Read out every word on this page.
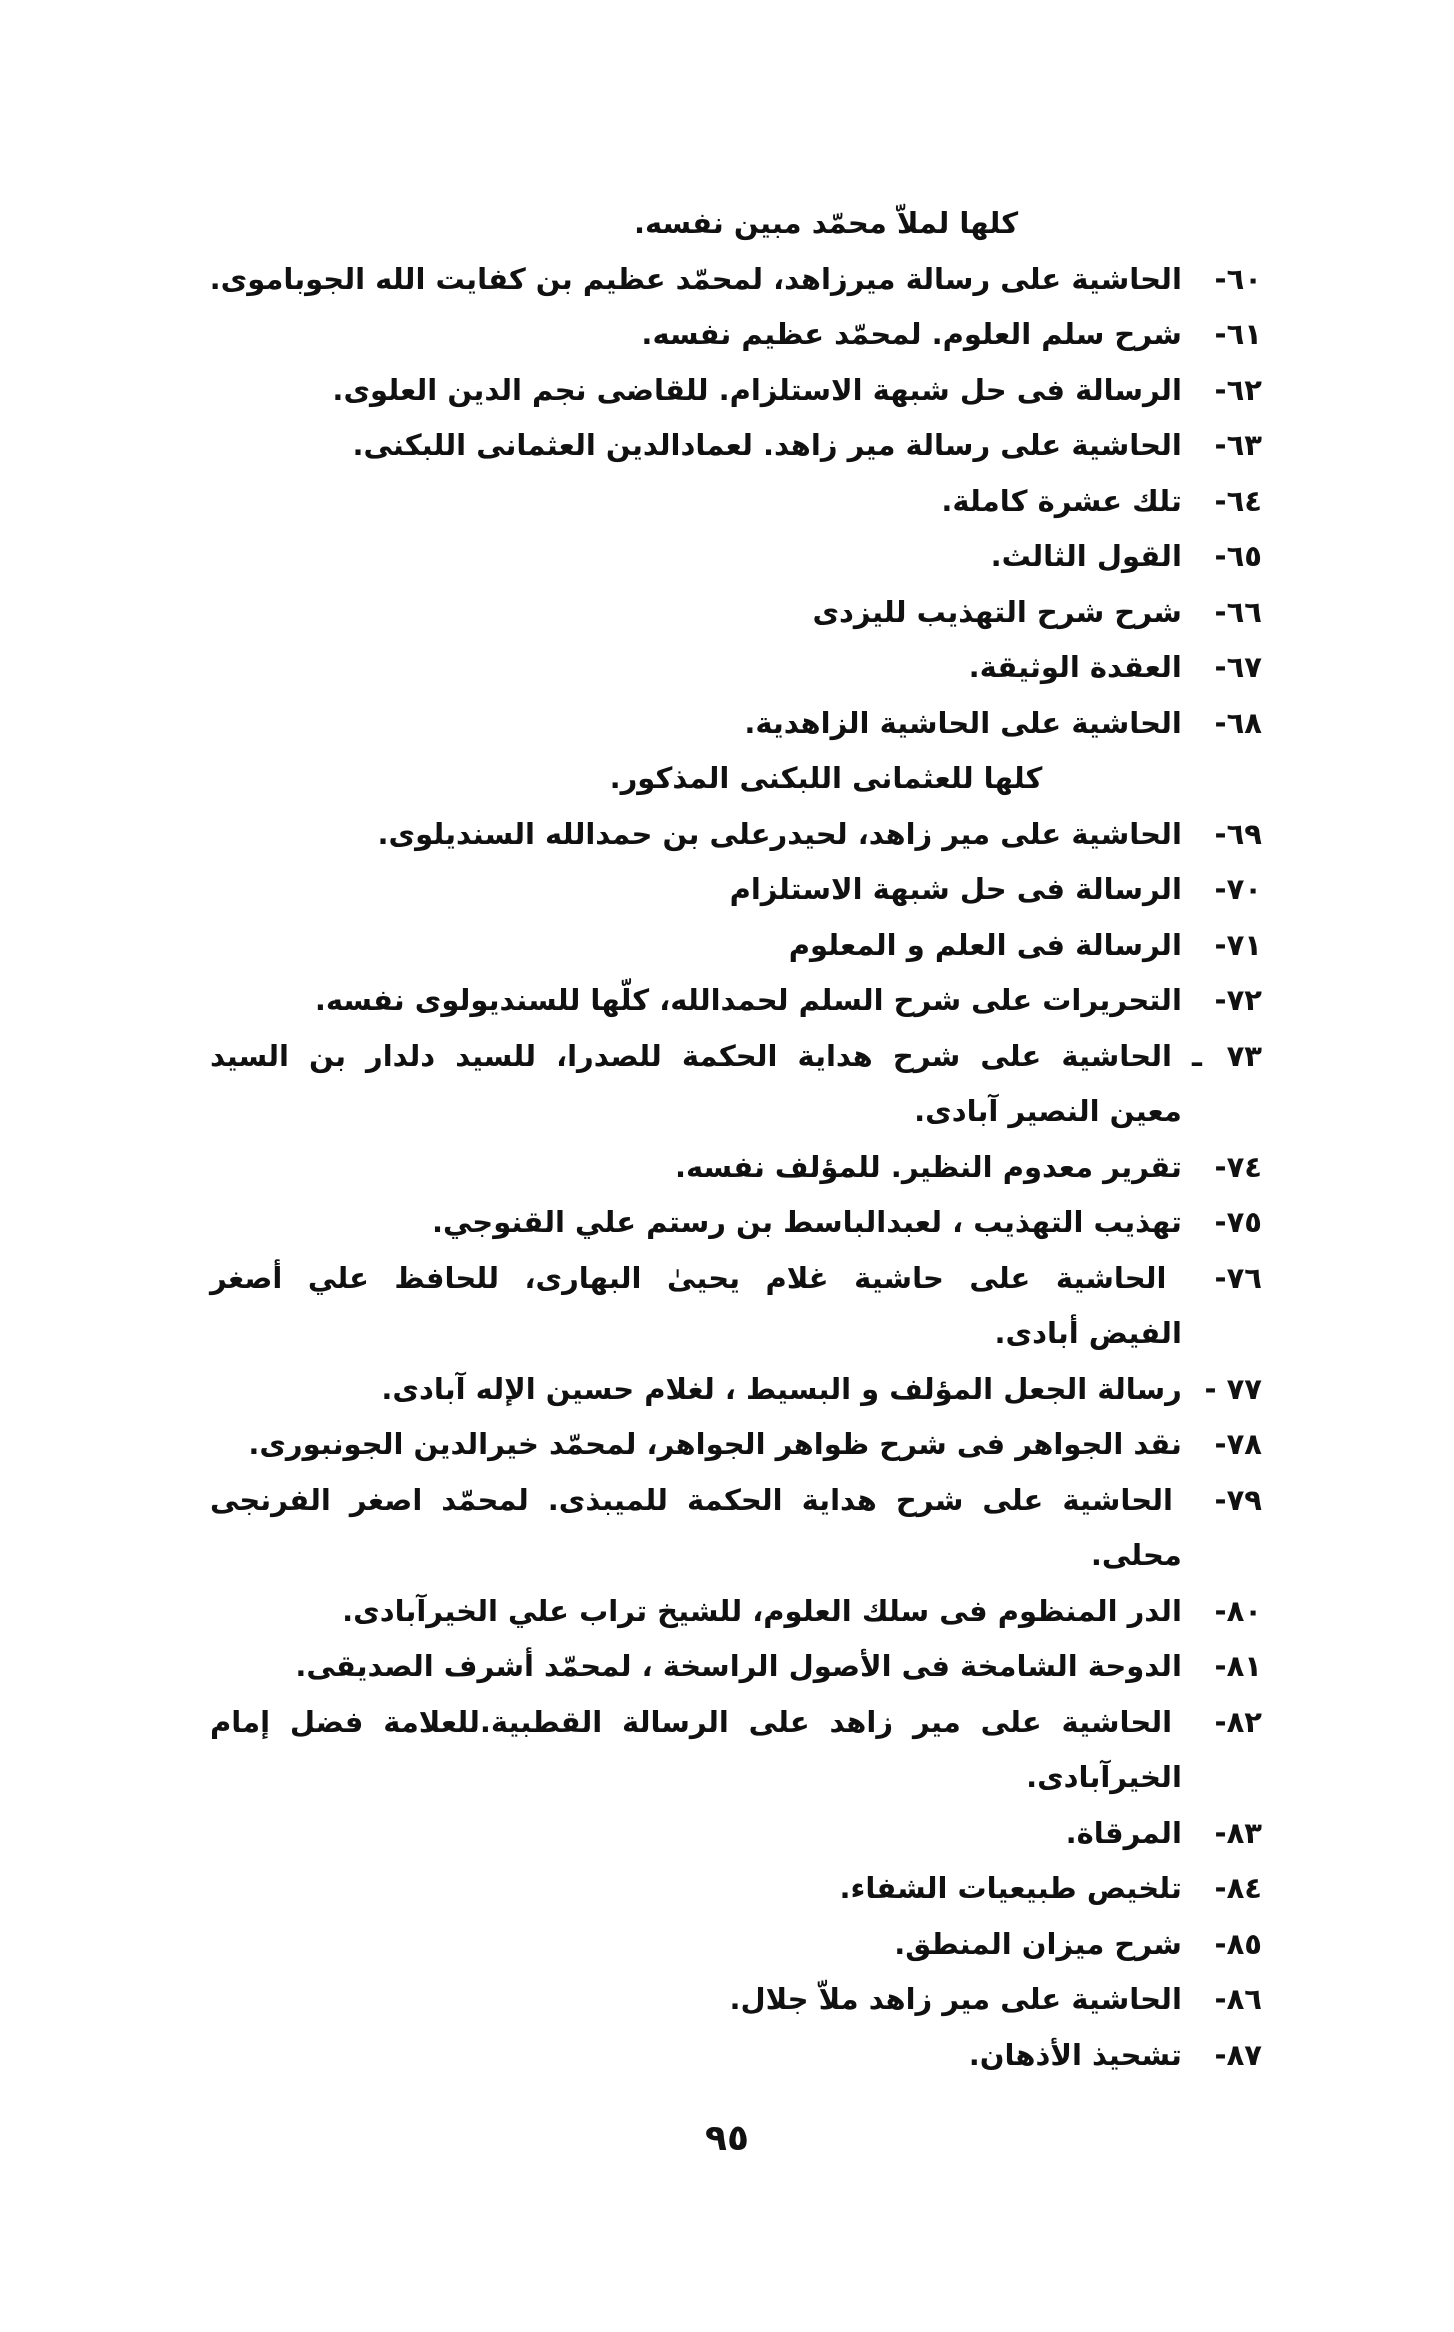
كلها لملاّ محمّد مبين نفسه.
٦٠- الحاشية على رسالة ميرزاهد، لمحمّد عظيم بن كفايت الله الجوباموى.
٦١- شرح سلم العلوم. لمحمّد عظيم نفسه.
٦٢- الرسالة فى حل شبهة الاستلزام. للقاضى نجم الدين العلوى.
٦٣- الحاشية على رسالة مير زاهد. لعمادالدين العثمانى اللبكنى.
٦٤- تلك عشرة كاملة.
٦٥- القول الثالث.
٦٦- شرح شرح التهذيب لليزدى
٦٧- العقدة الوثيقة.
٦٨- الحاشية على الحاشية الزاهدية.
كلها للعثمانى اللبكنى المذكور.
٦٩- الحاشية على مير زاهد، لحيدرعلى بن حمدالله السنديلوى.
٧٠- الرسالة فى حل شبهة الاستلزام
٧١- الرسالة فى العلم و المعلوم
٧٢- التحريرات على شرح السلم لحمدالله، كلّها للسنديولوى نفسه.
٧٣ ـ الحاشية على شرح هداية الحكمة للصدرا، للسيد دلدار بن السيد
معين النصير آبادى.
٧٤- تقرير معدوم النظير. للمؤلف نفسه.
٧٥- تهذيب التهذيب ، لعبدالباسط بن رستم علي القنوجي.
٧٦- الحاشية على حاشية غلام يحيىٰ البهارى، للحافظ علي أصغر
الفيض أبادى.
٧٧ - رسالة الجعل المؤلف و البسيط ، لغلام حسين الإله آبادى.
٧٨- نقد الجواهر فى شرح ظواهر الجواهر، لمحمّد خيرالدين الجونبورى.
٧٩- الحاشية على شرح هداية الحكمة للميبذى. لمحمّد اصغر الفرنجى
محلى.
٨٠- الدر المنظوم فى سلك العلوم، للشيخ تراب علي الخيرآبادى.
٨١- الدوحة الشامخة فى الأصول الراسخة ، لمحمّد أشرف الصديقى.
٨٢- الحاشية على مير زاهد على الرسالة القطبية.للعلامة فضل إمام
الخيرآبادى.
٨٣- المرقاة.
٨٤- تلخيص طبيعيات الشفاء.
٨٥- شرح ميزان المنطق.
٨٦- الحاشية على مير زاهد ملاّ جلال.
٨٧- تشحيذ الأذهان.
٩٥
